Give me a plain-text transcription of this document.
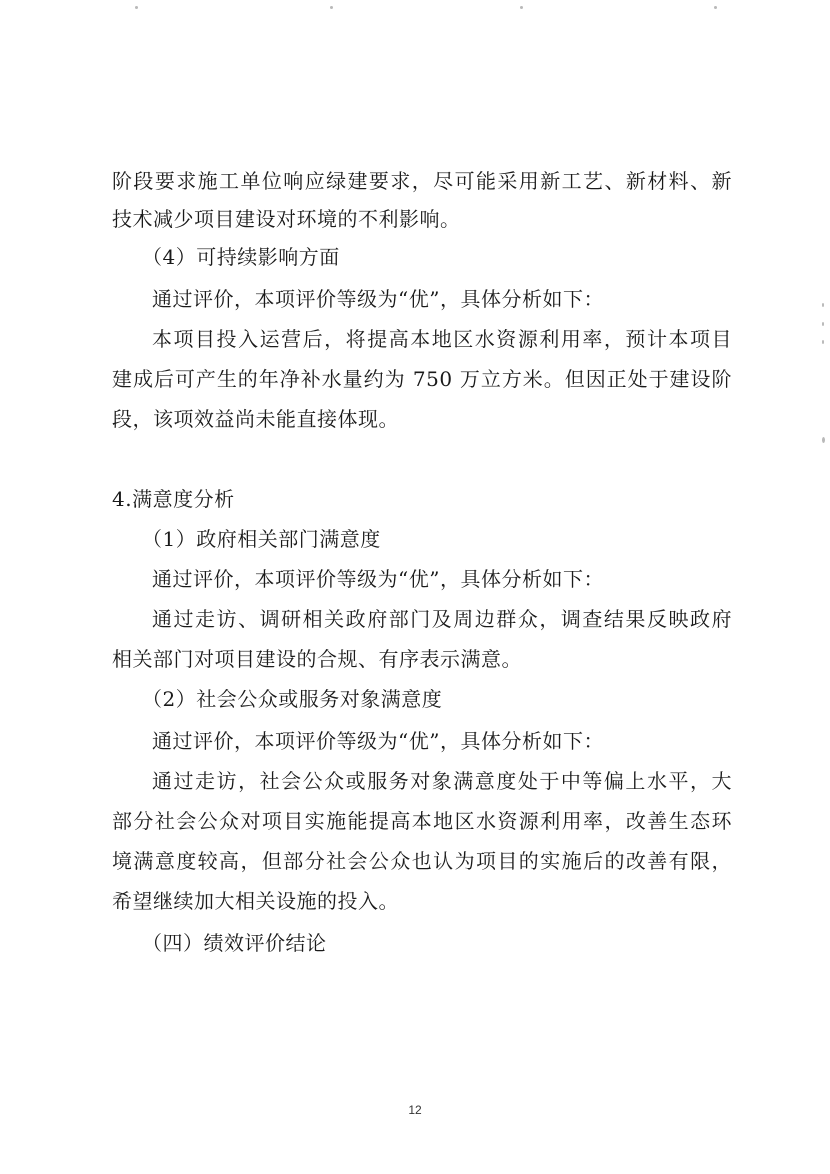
阶段要求施工单位响应绿建要求，尽可能采用新工艺、新材料、新
技术减少项目建设对环境的不利影响。
（4）可持续影响方面
通过评价，本项评价等级为“优”，具体分析如下：
本项目投入运营后，将提高本地区水资源利用率，预计本项目
建成后可产生的年净补水量约为 750 万立方米。但因正处于建设阶
段，该项效益尚未能直接体现。
4.满意度分析
（1）政府相关部门满意度
通过评价，本项评价等级为“优”，具体分析如下：
通过走访、调研相关政府部门及周边群众，调查结果反映政府
相关部门对项目建设的合规、有序表示满意。
（2）社会公众或服务对象满意度
通过评价，本项评价等级为“优”，具体分析如下：
通过走访，社会公众或服务对象满意度处于中等偏上水平，大
部分社会公众对项目实施能提高本地区水资源利用率，改善生态环
境满意度较高，但部分社会公众也认为项目的实施后的改善有限，
希望继续加大相关设施的投入。
（四）绩效评价结论
12
